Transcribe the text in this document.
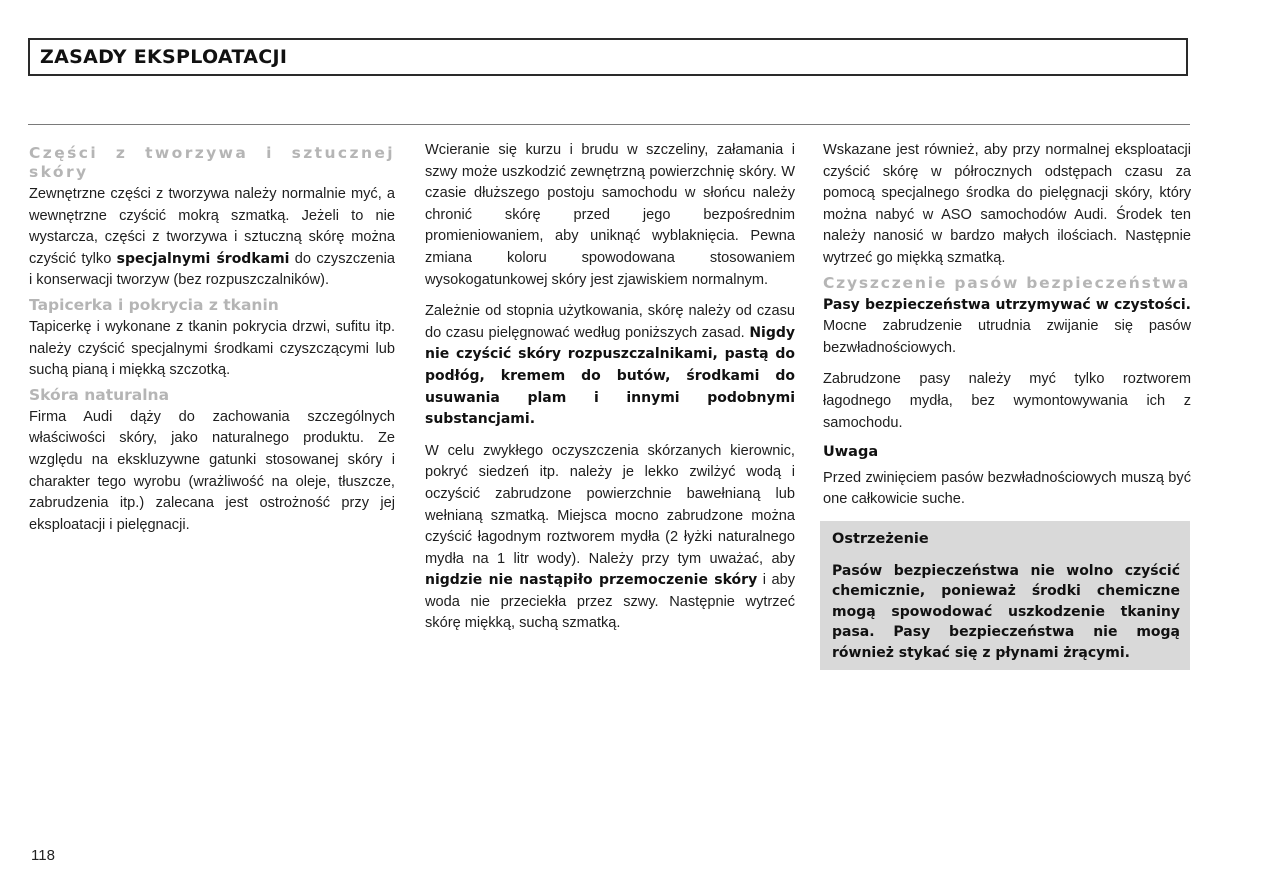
ZASADY EKSPLOATACJI
Części z tworzywa i sztucznej skóry

Zewnętrzne części z tworzywa należy normalnie myć, a wewnętrzne czyścić mokrą szmatką. Jeżeli to nie wystarcza, części z tworzywa i sztuczną skórę można czyścić tylko specjalnymi środkami do czyszczenia i konserwacji tworzyw (bez rozpuszczalników).

Tapicerka i pokrycia z tkanin

Tapicerkę i wykonane z tkanin pokrycia drzwi, sufitu itp. należy czyścić specjalnymi środkami czyszczącymi lub suchą pianą i miękką szczotką.

Skóra naturalna

Firma Audi dąży do zachowania szczególnych właściwości skóry, jako naturalnego produktu. Ze względu na ekskluzywne gatunki stosowanej skóry i charakter tego wyrobu (wrażliwość na oleje, tłuszcze, zabrudzenia itp.) zalecana jest ostrożność przy jej eksploatacji i pielęgnacji.

Wcieranie się kurzu i brudu w szczeliny, załamania i szwy może uszkodzić zewnętrzną powierzchnię skóry. W czasie dłuższego postoju samochodu w słońcu należy chronić skórę przed jego bezpośrednim promieniowaniem, aby uniknąć wyblaknięcia. Pewna zmiana koloru spowodowana stosowaniem wysokogatunkowej skóry jest zjawiskiem normalnym.

Zależnie od stopnia użytkowania, skórę należy od czasu do czasu pielęgnować według poniższych zasad. Nigdy nie czyścić skóry rozpuszczalnikami, pastą do podłóg, kremem do butów, środkami do usuwania plam i innymi podobnymi substancjami.

W celu zwykłego oczyszczenia skórzanych kierownic, pokryć siedzeń itp. należy je lekko zwilżyć wodą i oczyścić zabrudzone powierzchnie bawełnianą lub wełnianą szmatką. Miejsca mocno zabrudzone można czyścić łagodnym roztworem mydła (2 łyżki naturalnego mydła na 1 litr wody). Należy przy tym uważać, aby nigdzie nie nastąpiło przemoczenie skóry i aby woda nie przeciekła przez szwy. Następnie wytrzeć skórę miękką, suchą szmatką.

Wskazane jest również, aby przy normalnej eksploatacji czyścić skórę w półrocznych odstępach czasu za pomocą specjalnego środka do pielęgnacji skóry, który można nabyć w ASO samochodów Audi. Środek ten należy nanosić w bardzo małych ilościach. Następnie wytrzeć go miękką szmatką.

Czyszczenie pasów bezpieczeństwa

Pasy bezpieczeństwa utrzymywać w czystości. Mocne zabrudzenie utrudnia zwijanie się pasów bezwładnościowych.

Zabrudzone pasy należy myć tylko roztworem łagodnego mydła, bez wymontowywania ich z samochodu.

Uwaga

Przed zwinięciem pasów bezwładnościowych muszą być one całkowicie suche.

Ostrzeżenie

Pasów bezpieczeństwa nie wolno czyścić chemicznie, ponieważ środki chemiczne mogą spowodować uszkodzenie tkaniny pasa. Pasy bezpieczeństwa nie mogą również stykać się z płynami żrącymi.

118
